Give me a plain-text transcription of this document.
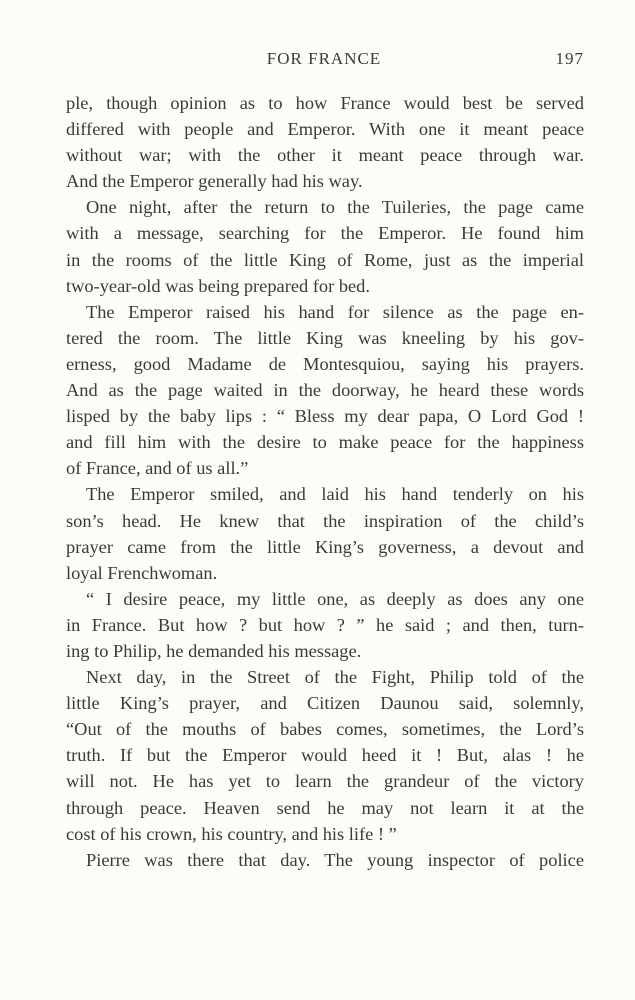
FOR FRANCE	197
ple, though opinion as to how France would best be served
differed with people and Emperor. With one it meant peace
without war; with the other it meant peace through war.
And the Emperor generally had his way.
One night, after the return to the Tuileries, the page came
with a message, searching for the Emperor. He found him
in the rooms of the little King of Rome, just as the imperial
two-year-old was being prepared for bed.
The Emperor raised his hand for silence as the page en-
tered the room. The little King was kneeling by his gov-
erness, good Madame de Montesquiou, saying his prayers.
And as the page waited in the doorway, he heard these words
lisped by the baby lips : “ Bless my dear papa, O Lord God !
and fill him with the desire to make peace for the happiness
of France, and of us all.”
The Emperor smiled, and laid his hand tenderly on his
son’s head. He knew that the inspiration of the child’s
prayer came from the little King’s governess, a devout and
loyal Frenchwoman.
“ I desire peace, my little one, as deeply as does any one
in France. But how ? but how ? ” he said ; and then, turn-
ing to Philip, he demanded his message.
Next day, in the Street of the Fight, Philip told of the
little King’s prayer, and Citizen Daunou said, solemnly,
“Out of the mouths of babes comes, sometimes, the Lord’s
truth. If but the Emperor would heed it ! But, alas ! he
will not. He has yet to learn the grandeur of the victory
through peace. Heaven send he may not learn it at the
cost of his crown, his country, and his life ! ”
Pierre was there that day. The young inspector of police
